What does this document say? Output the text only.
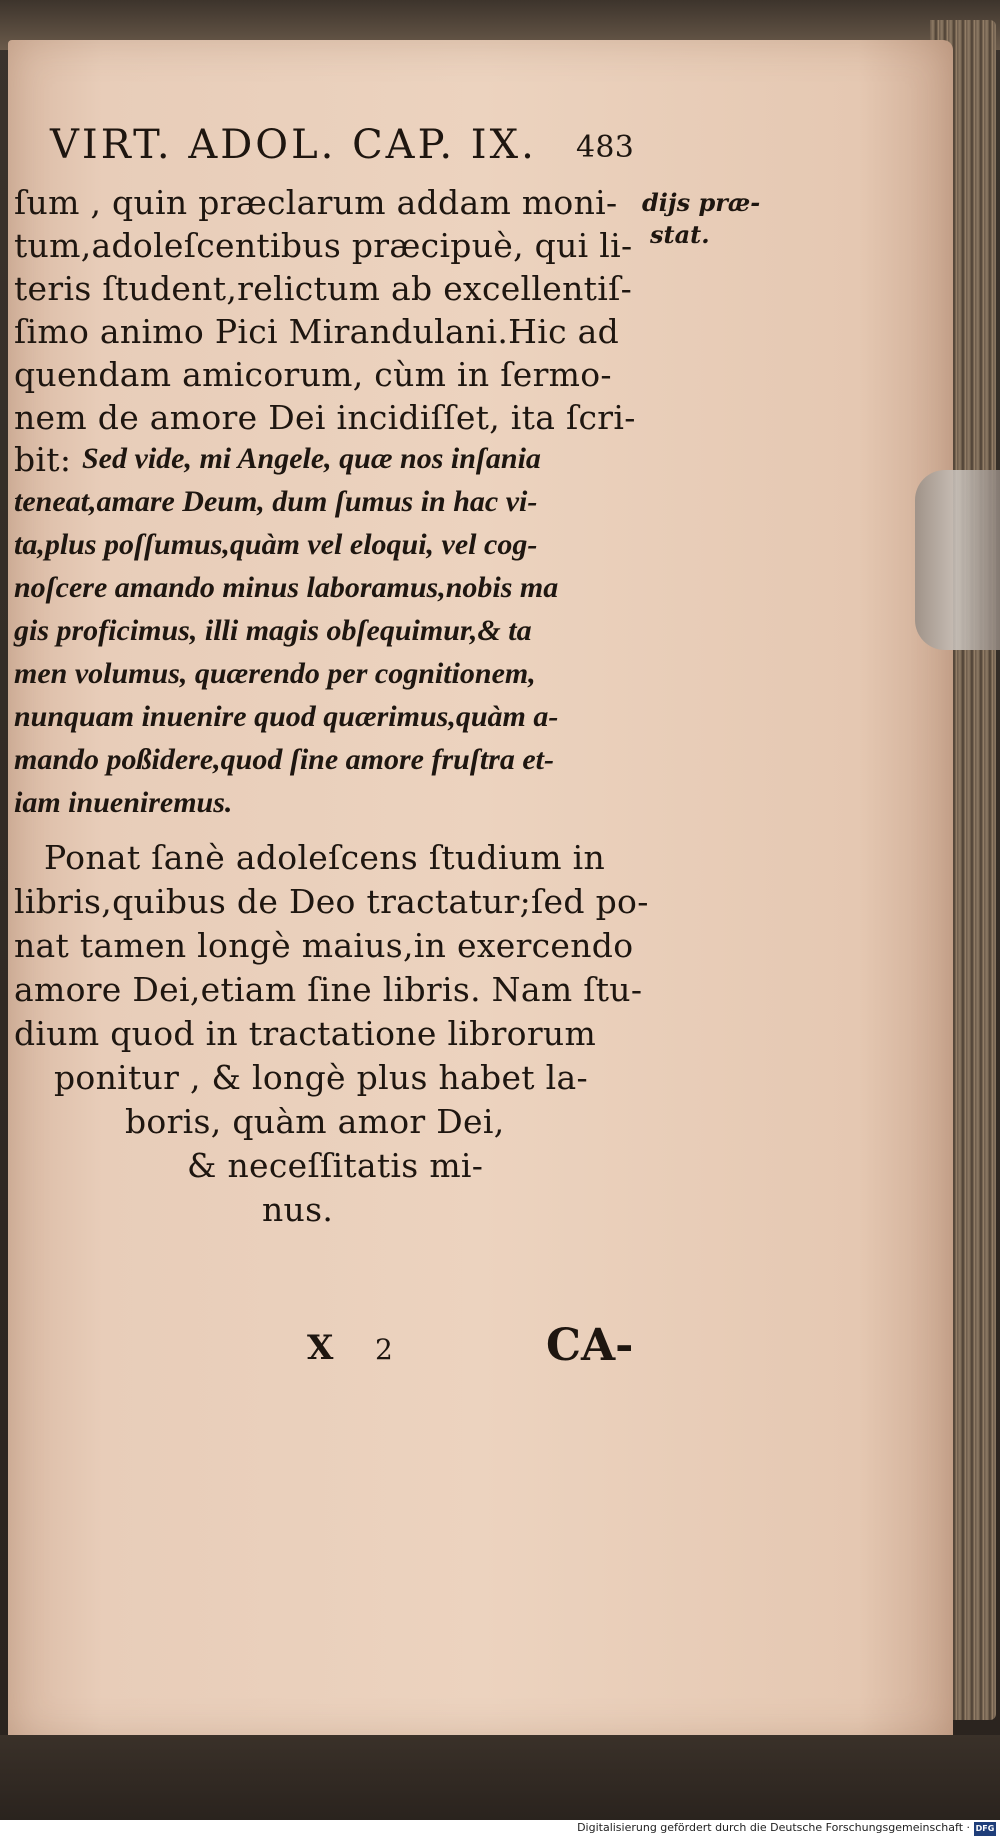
VIRT. ADOL. CAP. IX. 483
dijs præ-
stat.
ſum , quin præclarum addam moni-
tum,adoleſcentibus præcipuè, qui li-
teris ſtudent,relictum ab excellentiſ-
ſimo animo Pici Mirandulani.Hic ad
quendam amicorum, cùm in ſermo-
nem de amore Dei incidiſſet, ita ſcri-
bit: Sed vide, mi Angele, quæ nos inſania
teneat,amare Deum, dum ſumus in hac vi-
ta,plus poſſumus,quàm vel eloqui, vel cog-
noſcere amando minus laboramus,nobis ma
gis proficimus, illi magis obſequimur,& ta
men volumus, quærendo per cognitionem,
nunquam inuenire quod quærimus,quàm a-
mando poßidere,quod ſine amore fruſtra et-
iam inueniremus.
Ponat ſanè adoleſcens ſtudium in
libris,quibus de Deo tractatur;ſed po-
nat tamen longè maius,in exercendo
amore Dei,etiam ſine libris. Nam ſtu-
dium quod in tractatione librorum
ponitur , & longè plus habet la-
boris, quàm amor Dei,
& neceſſitatis mi-
nus.
X 2	CA-
Digitalisierung gefördert durch die Deutsche Forschungsgemeinschaft · DFG
